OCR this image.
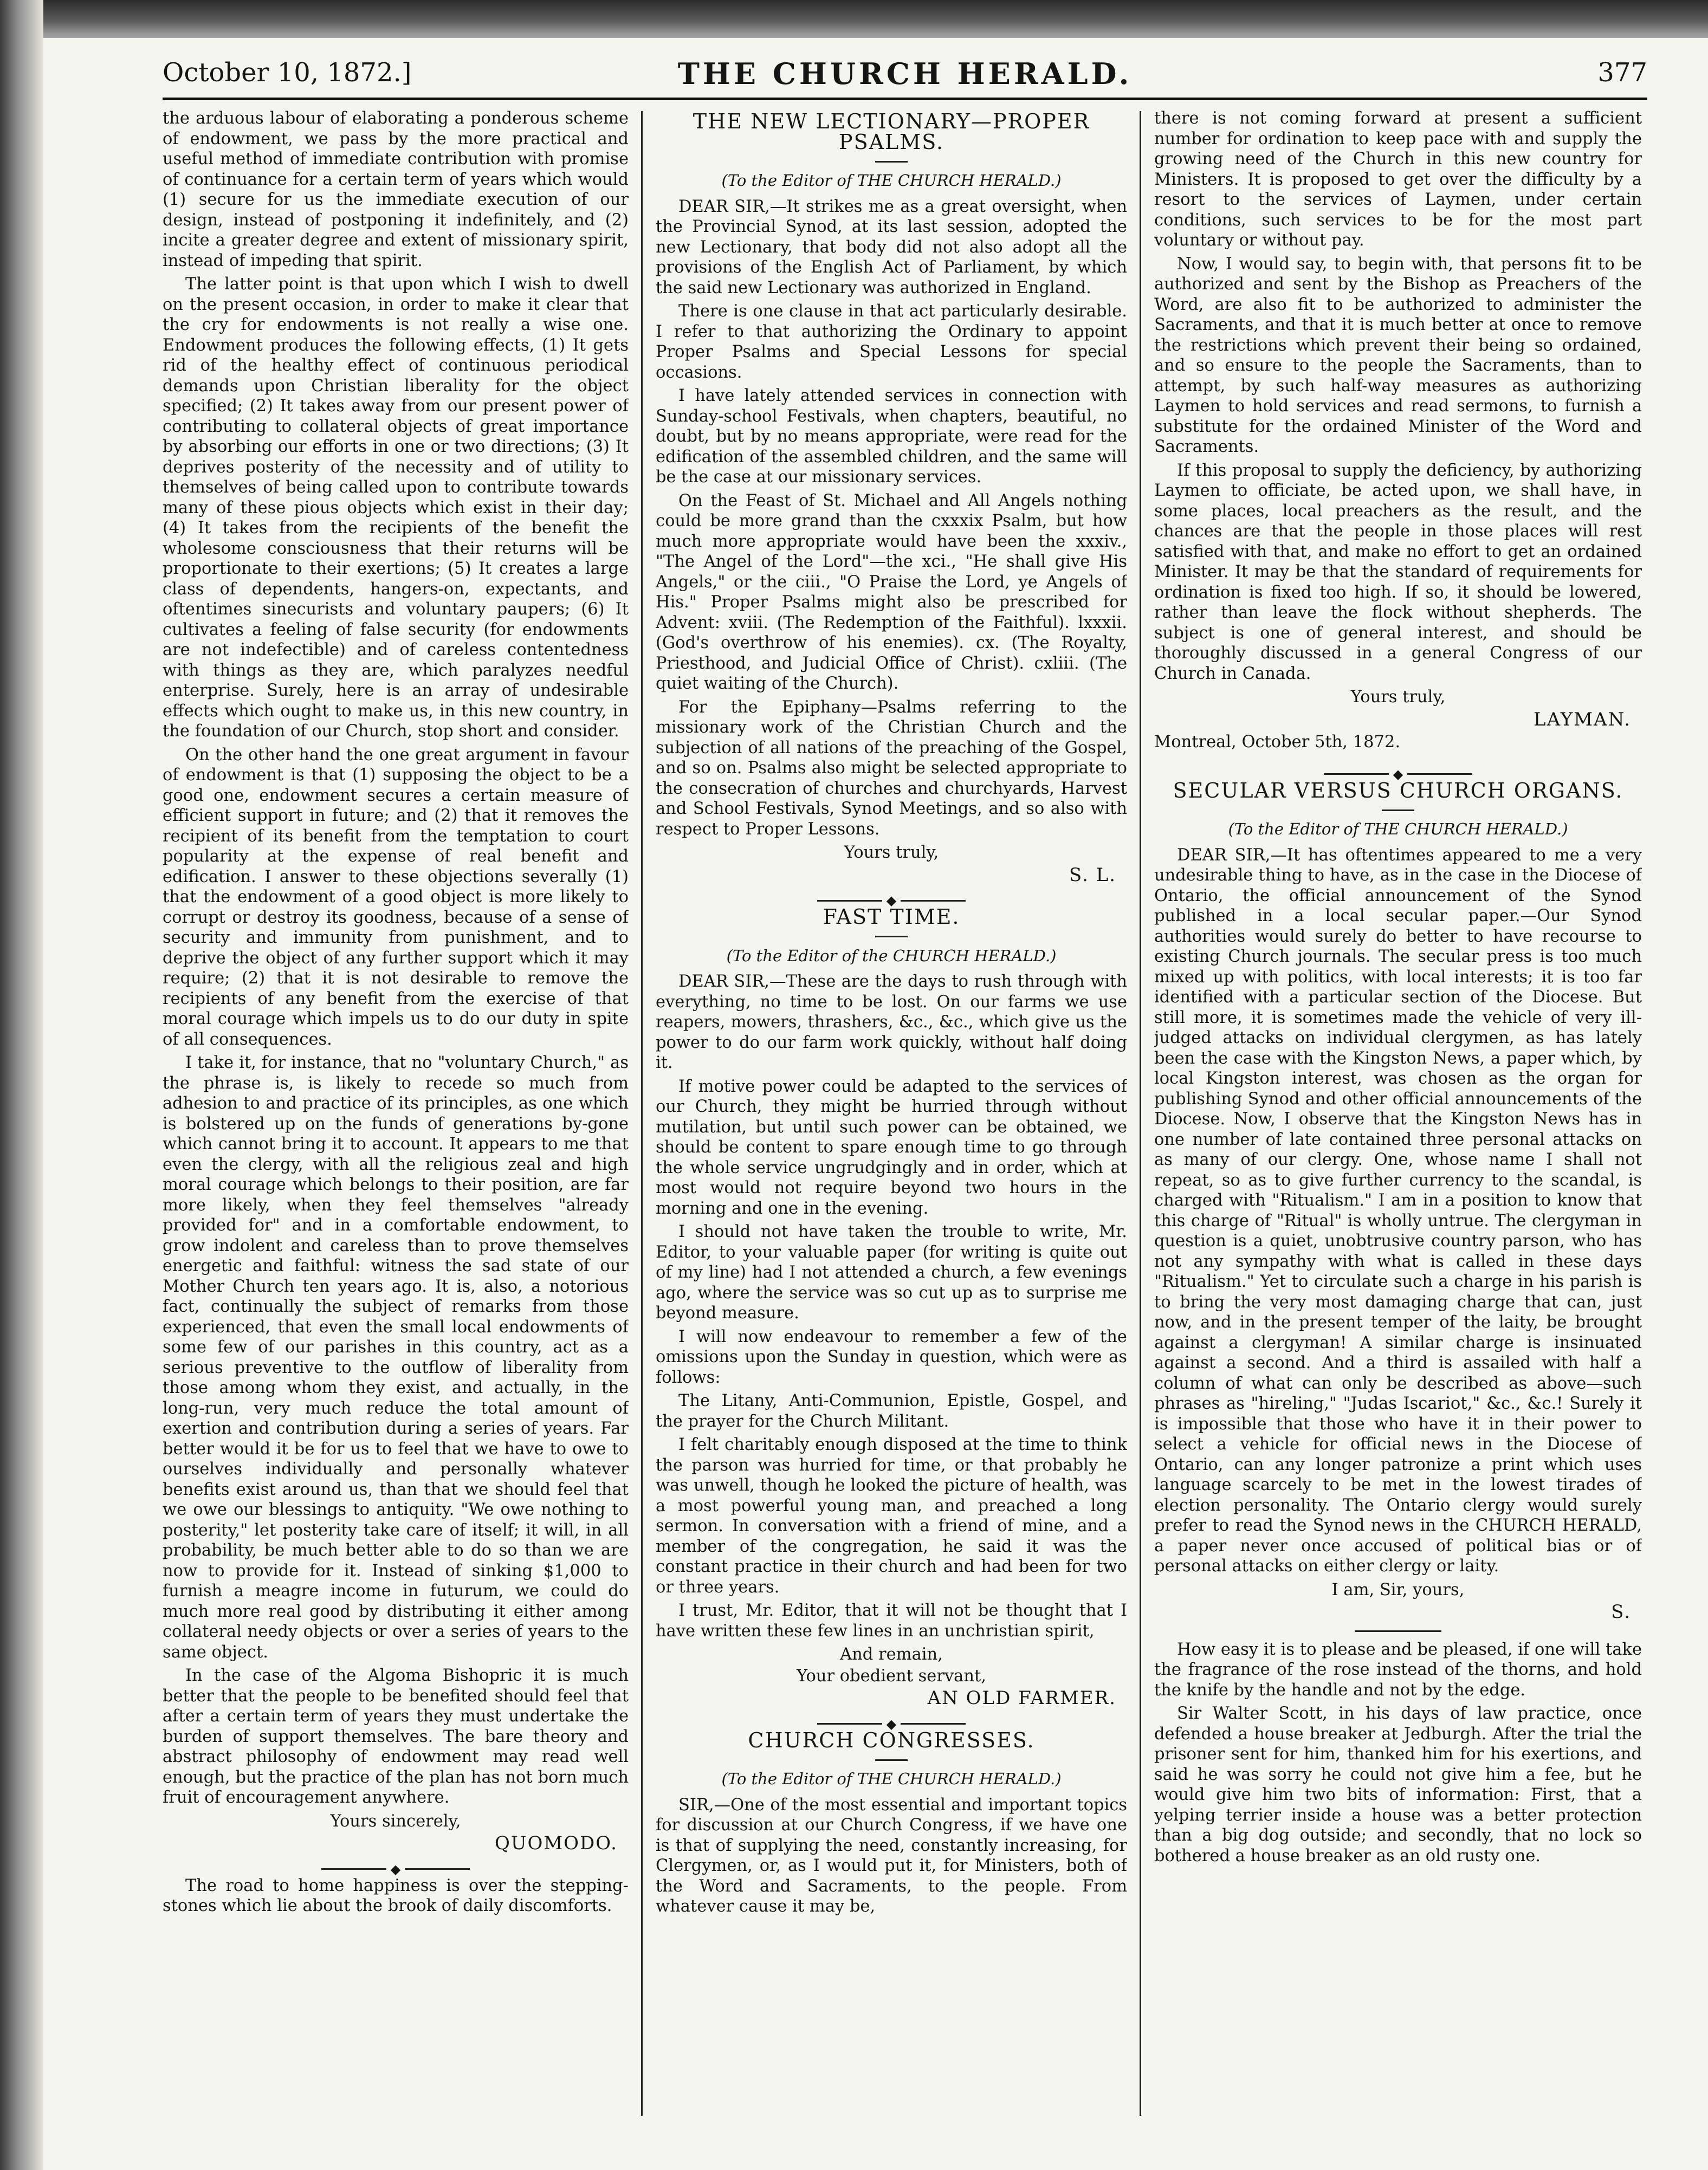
October 10, 1872.]	THE CHURCH HERALD.	377

the arduous labour of elaborating a ponderous scheme of endowment, we pass by the more practical and useful method of immediate contribution with promise of continuance for a certain term of years which would (1) secure for us the immediate execution of our design, instead of postponing it indefinitely, and (2) incite a greater degree and extent of missionary spirit, instead of impeding that spirit.

The latter point is that upon which I wish to dwell on the present occasion, in order to make it clear that the cry for endowments is not really a wise one. Endowment produces the following effects, (1) It gets rid of the healthy effect of continuous periodical demands upon Christian liberality for the object specified; (2) It takes away from our present power of contributing to collateral objects of great importance by absorbing our efforts in one or two directions; (3) It deprives posterity of the necessity and of utility to themselves of being called upon to contribute towards many of these pious objects which exist in their day; (4) It takes from the recipients of the benefit the wholesome consciousness that their returns will be proportionate to their exertions; (5) It creates a large class of dependents, hangers-on, expectants, and oftentimes sinecurists and voluntary paupers; (6) It cultivates a feeling of false security (for endowments are not indefectible) and of careless contentedness with things as they are, which paralyzes needful enterprise. Surely, here is an array of undesirable effects which ought to make us, in this new country, in the foundation of our Church, stop short and consider.

On the other hand the one great argument in favour of endowment is that (1) supposing the object to be a good one, endowment secures a certain measure of efficient support in future; and (2) that it removes the recipient of its benefit from the temptation to court popularity at the expense of real benefit and edification. I answer to these objections severally (1) that the endowment of a good object is more likely to corrupt or destroy its goodness, because of a sense of security and immunity from punishment, and to deprive the object of any further support which it may require; (2) that it is not desirable to remove the recipients of any benefit from the exercise of that moral courage which impels us to do our duty in spite of all consequences.

I take it, for instance, that no "voluntary Church," as the phrase is, is likely to recede so much from adhesion to and practice of its principles, as one which is bolstered up on the funds of generations by-gone which cannot bring it to account. It appears to me that even the clergy, with all the religious zeal and high moral courage which belongs to their position, are far more likely, when they feel themselves "already provided for" and in a comfortable endowment, to grow indolent and careless than to prove themselves energetic and faithful: witness the sad state of our Mother Church ten years ago. It is, also, a notorious fact, continually the subject of remarks from those experienced, that even the small local endowments of some few of our parishes in this country, act as a serious preventive to the outflow of liberality from those among whom they exist, and actually, in the long-run, very much reduce the total amount of exertion and contribution during a series of years. Far better would it be for us to feel that we have to owe to ourselves individually and personally whatever benefits exist around us, than that we should feel that we owe our blessings to antiquity. "We owe nothing to posterity," let posterity take care of itself; it will, in all probability, be much better able to do so than we are now to provide for it. Instead of sinking $1,000 to furnish a meagre income in futurum, we could do much more real good by distributing it either among collateral needy objects or over a series of years to the same object.

In the case of the Algoma Bishopric it is much better that the people to be benefited should feel that after a certain term of years they must undertake the burden of support themselves. The bare theory and abstract philosophy of endowment may read well enough, but the practice of the plan has not born much fruit of encouragement anywhere.

Yours sincerely,
QUOMODO.
◆

The road to home happiness is over the stepping-stones which lie about the brook of daily discomforts.

THE NEW LECTIONARY—PROPER PSALMS.
(To the Editor of THE CHURCH HERALD.)

DEAR SIR,—It strikes me as a great oversight, when the Provincial Synod, at its last session, adopted the new Lectionary, that body did not also adopt all the provisions of the English Act of Parliament, by which the said new Lectionary was authorized in England.

There is one clause in that act particularly desirable. I refer to that authorizing the Ordinary to appoint Proper Psalms and Special Lessons for special occasions.

I have lately attended services in connection with Sunday-school Festivals, when chapters, beautiful, no doubt, but by no means appropriate, were read for the edification of the assembled children, and the same will be the case at our missionary services.

On the Feast of St. Michael and All Angels nothing could be more grand than the cxxxix Psalm, but how much more appropriate would have been the xxxiv., "The Angel of the Lord"—the xci., "He shall give His Angels," or the ciii., "O Praise the Lord, ye Angels of His." Proper Psalms might also be prescribed for Advent: xviii. (The Redemption of the Faithful). lxxxii. (God's overthrow of his enemies). cx. (The Royalty, Priesthood, and Judicial Office of Christ). cxliii. (The quiet waiting of the Church).

For the Epiphany—Psalms referring to the missionary work of the Christian Church and the subjection of all nations of the preaching of the Gospel, and so on. Psalms also might be selected appropriate to the consecration of churches and churchyards, Harvest and School Festivals, Synod Meetings, and so also with respect to Proper Lessons.

Yours truly,
S. L.
◆
FAST TIME.
(To the Editor of the CHURCH HERALD.)

DEAR SIR,—These are the days to rush through with everything, no time to be lost. On our farms we use reapers, mowers, thrashers, &c., &c., which give us the power to do our farm work quickly, without half doing it.

If motive power could be adapted to the services of our Church, they might be hurried through without mutilation, but until such power can be obtained, we should be content to spare enough time to go through the whole service ungrudgingly and in order, which at most would not require beyond two hours in the morning and one in the evening.

I should not have taken the trouble to write, Mr. Editor, to your valuable paper (for writing is quite out of my line) had I not attended a church, a few evenings ago, where the service was so cut up as to surprise me beyond measure.

I will now endeavour to remember a few of the omissions upon the Sunday in question, which were as follows:

The Litany, Anti-Communion, Epistle, Gospel, and the prayer for the Church Militant.

I felt charitably enough disposed at the time to think the parson was hurried for time, or that probably he was unwell, though he looked the picture of health, was a most powerful young man, and preached a long sermon. In conversation with a friend of mine, and a member of the congregation, he said it was the constant practice in their church and had been for two or three years.

I trust, Mr. Editor, that it will not be thought that I have written these few lines in an unchristian spirit,

And remain,
Your obedient servant,
AN OLD FARMER.
◆
CHURCH CONGRESSES.
(To the Editor of THE CHURCH HERALD.)

SIR,—One of the most essential and important topics for discussion at our Church Congress, if we have one is that of supplying the need, constantly increasing, for Clergymen, or, as I would put it, for Ministers, both of the Word and Sacraments, to the people. From whatever cause it may be,

there is not coming forward at present a sufficient number for ordination to keep pace with and supply the growing need of the Church in this new country for Ministers. It is proposed to get over the difficulty by a resort to the services of Laymen, under certain conditions, such services to be for the most part voluntary or without pay.

Now, I would say, to begin with, that persons fit to be authorized and sent by the Bishop as Preachers of the Word, are also fit to be authorized to administer the Sacraments, and that it is much better at once to remove the restrictions which prevent their being so ordained, and so ensure to the people the Sacraments, than to attempt, by such half-way measures as authorizing Laymen to hold services and read sermons, to furnish a substitute for the ordained Minister of the Word and Sacraments.

If this proposal to supply the deficiency, by authorizing Laymen to officiate, be acted upon, we shall have, in some places, local preachers as the result, and the chances are that the people in those places will rest satisfied with that, and make no effort to get an ordained Minister. It may be that the standard of requirements for ordination is fixed too high. If so, it should be lowered, rather than leave the flock without shepherds. The subject is one of general interest, and should be thoroughly discussed in a general Congress of our Church in Canada.

Yours truly,
LAYMAN.
Montreal, October 5th, 1872.
◆
SECULAR VERSUS CHURCH ORGANS.
(To the Editor of THE CHURCH HERALD.)

DEAR SIR,—It has oftentimes appeared to me a very undesirable thing to have, as in the case in the Diocese of Ontario, the official announcement of the Synod published in a local secular paper.—Our Synod authorities would surely do better to have recourse to existing Church journals. The secular press is too much mixed up with politics, with local interests; it is too far identified with a particular section of the Diocese. But still more, it is sometimes made the vehicle of very ill-judged attacks on individual clergymen, as has lately been the case with the Kingston News, a paper which, by local Kingston interest, was chosen as the organ for publishing Synod and other official announcements of the Diocese. Now, I observe that the Kingston News has in one number of late contained three personal attacks on as many of our clergy. One, whose name I shall not repeat, so as to give further currency to the scandal, is charged with "Ritualism." I am in a position to know that this charge of "Ritual" is wholly untrue. The clergyman in question is a quiet, unobtrusive country parson, who has not any sympathy with what is called in these days "Ritualism." Yet to circulate such a charge in his parish is to bring the very most damaging charge that can, just now, and in the present temper of the laity, be brought against a clergyman! A similar charge is insinuated against a second. And a third is assailed with half a column of what can only be described as above—such phrases as "hireling," "Judas Iscariot," &c., &c.! Surely it is impossible that those who have it in their power to select a vehicle for official news in the Diocese of Ontario, can any longer patronize a print which uses language scarcely to be met in the lowest tirades of election personality. The Ontario clergy would surely prefer to read the Synod news in the CHURCH HERALD, a paper never once accused of political bias or of personal attacks on either clergy or laity.

I am, Sir, yours,
S.

How easy it is to please and be pleased, if one will take the fragrance of the rose instead of the thorns, and hold the knife by the handle and not by the edge.

Sir Walter Scott, in his days of law practice, once defended a house breaker at Jedburgh. After the trial the prisoner sent for him, thanked him for his exertions, and said he was sorry he could not give him a fee, but he would give him two bits of information: First, that a yelping terrier inside a house was a better protection than a big dog outside; and secondly, that no lock so bothered a house breaker as an old rusty one.
